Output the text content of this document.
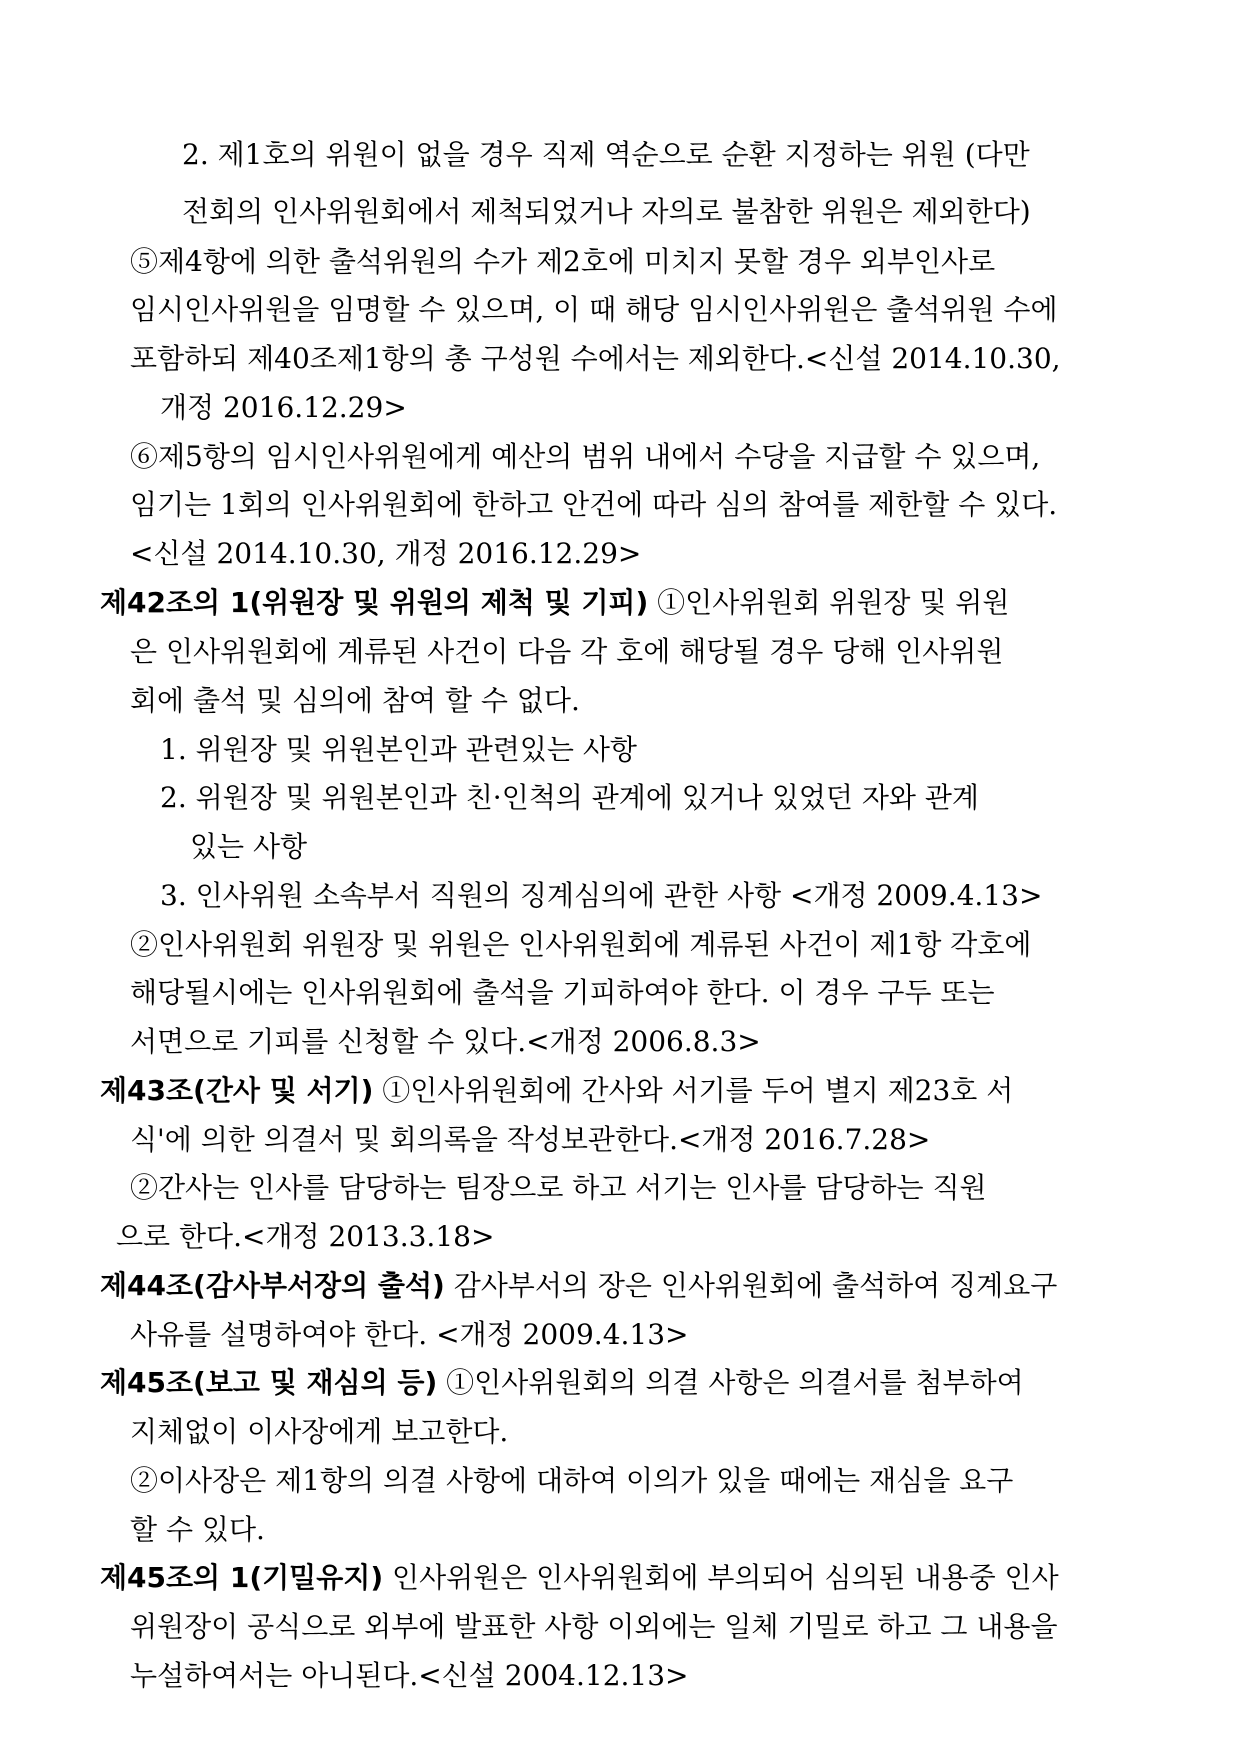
2. 제1호의 위원이 없을 경우 직제 역순으로 순환 지정하는 위원 (다만
전회의 인사위원회에서 제척되었거나 자의로 불참한 위원은 제외한다)
⑤제4항에 의한 출석위원의 수가 제2호에 미치지 못할 경우 외부인사로
임시인사위원을 임명할 수 있으며, 이 때 해당 임시인사위원은 출석위원 수에
포함하되 제40조제1항의 총 구성원 수에서는 제외한다.<신설 2014.10.30,
개정 2016.12.29>
⑥제5항의 임시인사위원에게 예산의 범위 내에서 수당을 지급할 수 있으며,
임기는 1회의 인사위원회에 한하고 안건에 따라 심의 참여를 제한할 수 있다.
<신설 2014.10.30, 개정 2016.12.29>
제42조의 1(위원장 및 위원의 제척 및 기피) ①인사위원회 위원장 및 위원
은 인사위원회에 계류된 사건이 다음 각 호에 해당될 경우 당해 인사위원
회에 출석 및 심의에 참여 할 수 없다.
1. 위원장 및 위원본인과 관련있는 사항
2. 위원장 및 위원본인과 친·인척의 관계에 있거나 있었던 자와 관계
있는 사항
3. 인사위원 소속부서 직원의 징계심의에 관한 사항 <개정 2009.4.13>
②인사위원회 위원장 및 위원은 인사위원회에 계류된 사건이 제1항 각호에
해당될시에는 인사위원회에 출석을 기피하여야 한다. 이 경우 구두 또는
서면으로 기피를 신청할 수 있다.<개정 2006.8.3>
제43조(간사 및 서기) ①인사위원회에 간사와 서기를 두어 별지 제23호 서
식'에 의한 의결서 및 회의록을 작성보관한다.<개정 2016.7.28>
②간사는 인사를 담당하는 팀장으로 하고 서기는 인사를 담당하는 직원
으로 한다.<개정 2013.3.18>
제44조(감사부서장의 출석) 감사부서의 장은 인사위원회에 출석하여 징계요구
사유를 설명하여야 한다. <개정 2009.4.13>
제45조(보고 및 재심의 등) ①인사위원회의 의결 사항은 의결서를 첨부하여
지체없이 이사장에게 보고한다.
②이사장은 제1항의 의결 사항에 대하여 이의가 있을 때에는 재심을 요구
할 수 있다.
제45조의 1(기밀유지) 인사위원은 인사위원회에 부의되어 심의된 내용중 인사
위원장이 공식으로 외부에 발표한 사항 이외에는 일체 기밀로 하고 그 내용을
누설하여서는 아니된다.<신설 2004.12.13>
